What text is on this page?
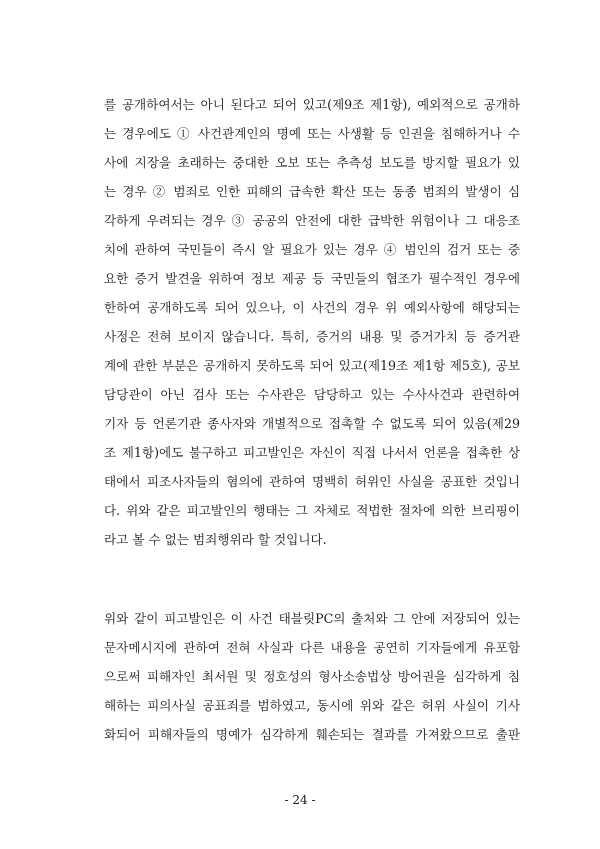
를 공개하여서는 아니 된다고 되어 있고(제9조 제1항), 예외적으로 공개하
는 경우에도 ① 사건관계인의 명예 또는 사생활 등 인권을 침해하거나 수
사에 지장을 초래하는 중대한 오보 또는 추측성 보도를 방지할 필요가 있
는 경우 ② 범죄로 인한 피해의 급속한 확산 또는 동종 범죄의 발생이 심
각하게 우려되는 경우 ③ 공공의 안전에 대한 급박한 위험이나 그 대응조
치에 관하여 국민들이 즉시 알 필요가 있는 경우 ④ 범인의 검거 또는 중
요한 증거 발견을 위하여 정보 제공 등 국민들의 협조가 필수적인 경우에
한하여 공개하도록 되어 있으나, 이 사건의 경우 위 예외사항에 해당되는
사정은 전혀 보이지 않습니다. 특히, 증거의 내용 및 증거가치 등 증거관
계에 관한 부분은 공개하지 못하도록 되어 있고(제19조 제1항 제5호), 공보
담당관이 아닌 검사 또는 수사관은 담당하고 있는 수사사건과 관련하여
기자 등 언론기관 종사자와 개별적으로 접촉할 수 없도록 되어 있음(제29
조 제1항)에도 불구하고 피고발인은 자신이 직접 나서서 언론을 접촉한 상
태에서 피조사자들의 혐의에 관하여 명백히 허위인 사실을 공표한 것입니
다. 위와 같은 피고발인의 행태는 그 자체로 적법한 절차에 의한 브리핑이
라고 볼 수 없는 범죄행위라 할 것입니다.
위와 같이 피고발인은 이 사건 태블릿PC의 출처와 그 안에 저장되어 있는
문자메시지에 관하여 전혀 사실과 다른 내용을 공연히 기자들에게 유포함
으로써 피해자인 최서원 및 정호성의 형사소송법상 방어권을 심각하게 침
해하는 피의사실 공표죄를 범하였고, 동시에 위와 같은 허위 사실이 기사
화되어 피해자들의 명예가 심각하게 훼손되는 결과를 가져왔으므로 출판
- 24 -
